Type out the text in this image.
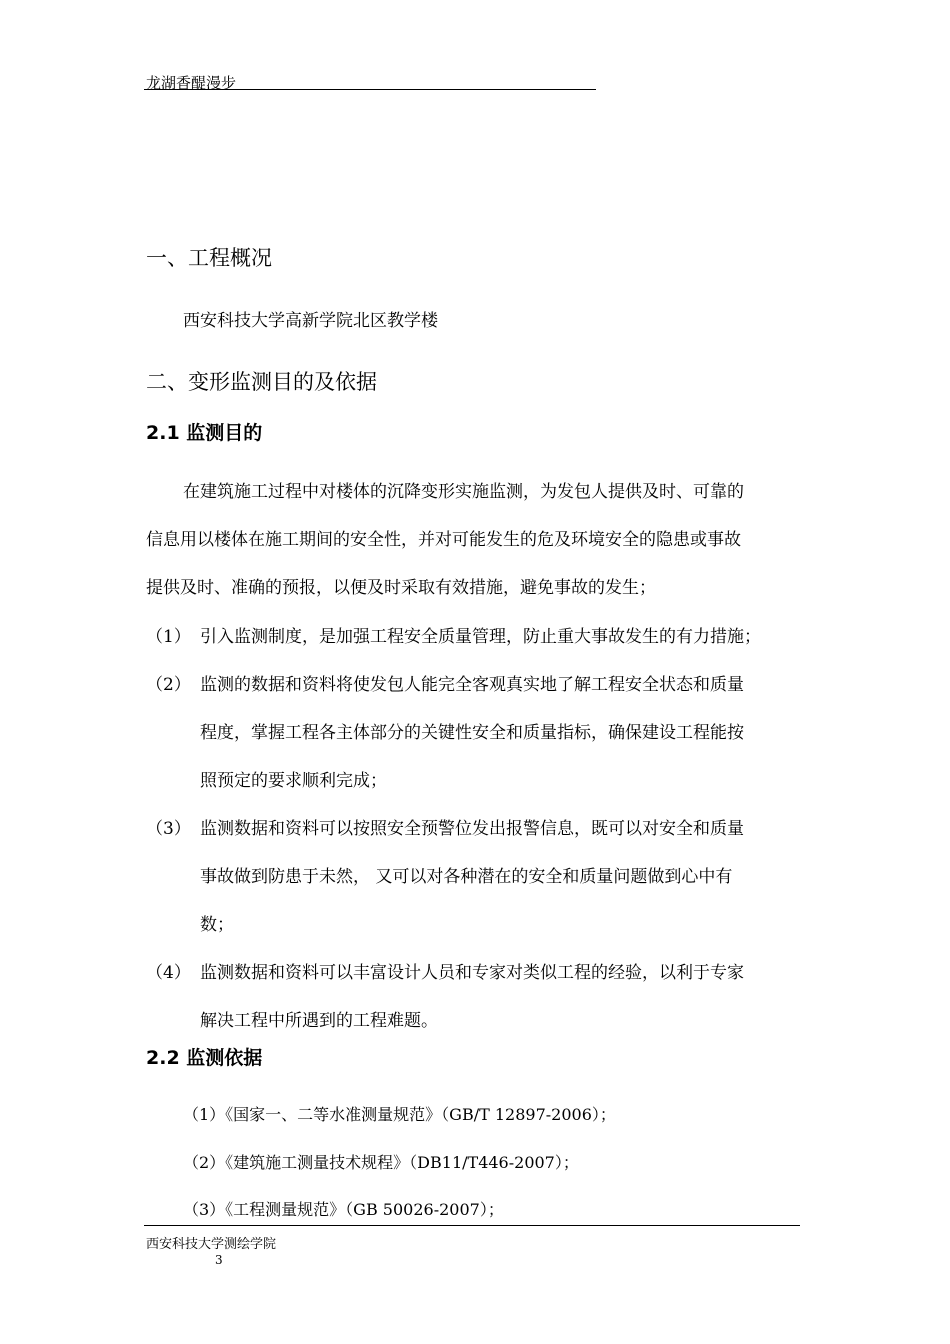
龙湖香醍漫步
一、工程概况
西安科技大学高新学院北区教学楼
二、变形监测目的及依据
2.1 监测目的
在建筑施工过程中对楼体的沉降变形实施监测，为发包人提供及时、可靠的
信息用以楼体在施工期间的安全性，并对可能发生的危及环境安全的隐患或事故
提供及时、准确的预报，以便及时采取有效措施，避免事故的发生；
（1） 引入监测制度，是加强工程安全质量管理，防止重大事故发生的有力措施；
（2） 监测的数据和资料将使发包人能完全客观真实地了解工程安全状态和质量
程度，掌握工程各主体部分的关键性安全和质量指标，确保建设工程能按
照预定的要求顺利完成；
（3） 监测数据和资料可以按照安全预警位发出报警信息，既可以对安全和质量
事故做到防患于未然， 又可以对各种潜在的安全和质量问题做到心中有
数；
（4） 监测数据和资料可以丰富设计人员和专家对类似工程的经验，以利于专家
解决工程中所遇到的工程难题。
2.2 监测依据
（1）《国家一、二等水准测量规范》（GB/T 12897-2006）；
（2）《建筑施工测量技术规程》（DB11/T446-2007）；
（3）《工程测量规范》（GB 50026-2007）；
西安科技大学测绘学院
3
